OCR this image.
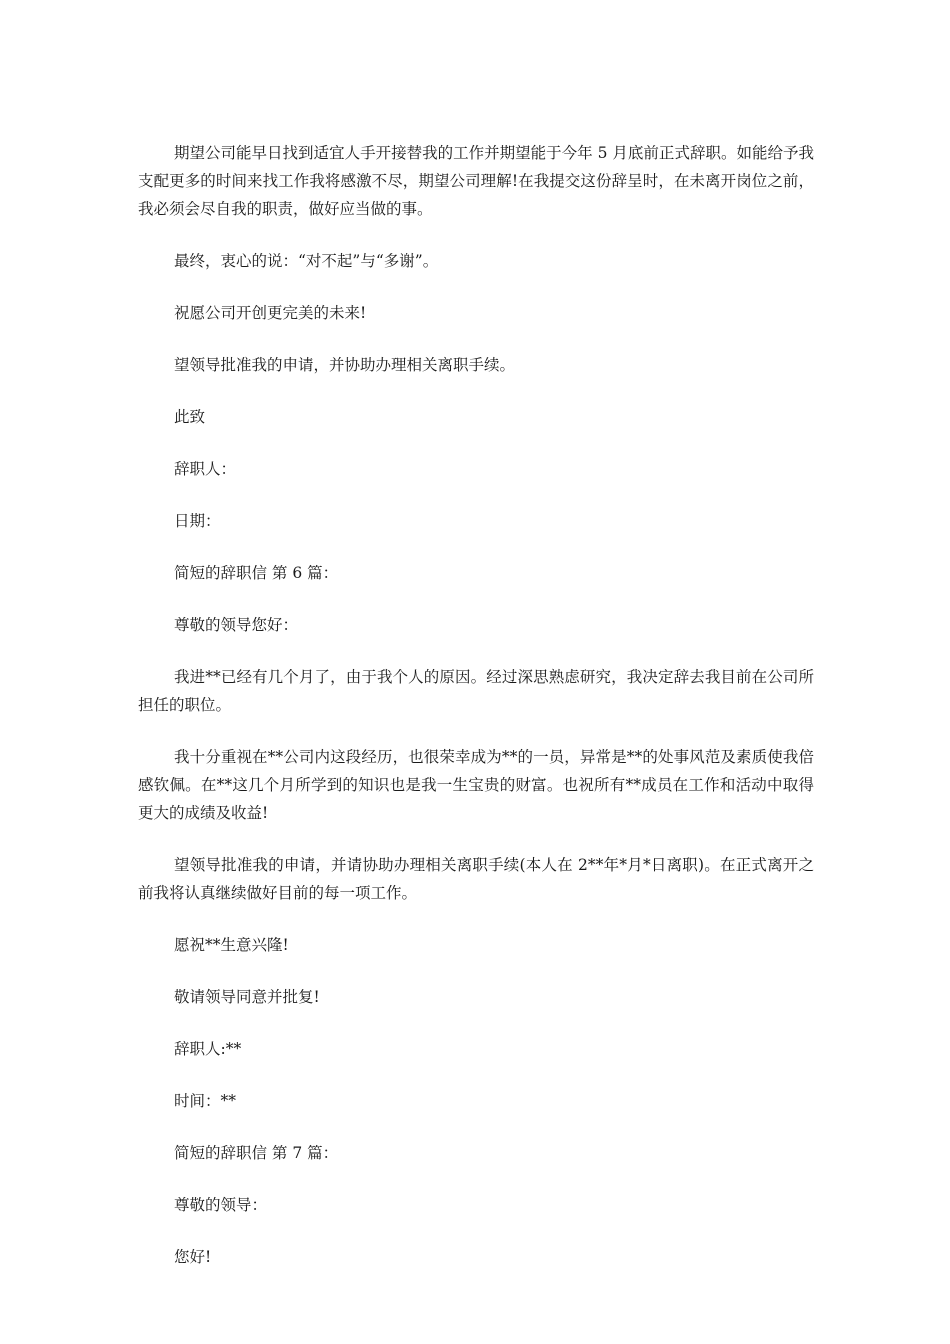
期望公司能早日找到适宜人手开接替我的工作并期望能于今年 5 月底前正式辞职。如能给予我支配更多的时间来找工作我将感激不尽，期望公司理解!在我提交这份辞呈时，在未离开岗位之前，我必须会尽自我的职责，做好应当做的事。

最终，衷心的说：“对不起”与“多谢”。

祝愿公司开创更完美的未来!

望领导批准我的申请，并协助办理相关离职手续。

此致

辞职人：

日期：

简短的辞职信 第 6 篇：

尊敬的领导您好：

我进**已经有几个月了，由于我个人的原因。经过深思熟虑研究，我决定辞去我目前在公司所担任的职位。

我十分重视在**公司内这段经历，也很荣幸成为**的一员，异常是**的处事风范及素质使我倍感钦佩。在**这几个月所学到的知识也是我一生宝贵的财富。也祝所有**成员在工作和活动中取得更大的成绩及收益!

望领导批准我的申请，并请协助办理相关离职手续(本人在 2**年*月*日离职)。在正式离开之前我将认真继续做好目前的每一项工作。

愿祝**生意兴隆!

敬请领导同意并批复!

辞职人:**

时间：**

简短的辞职信 第 7 篇：

尊敬的领导：

您好!
